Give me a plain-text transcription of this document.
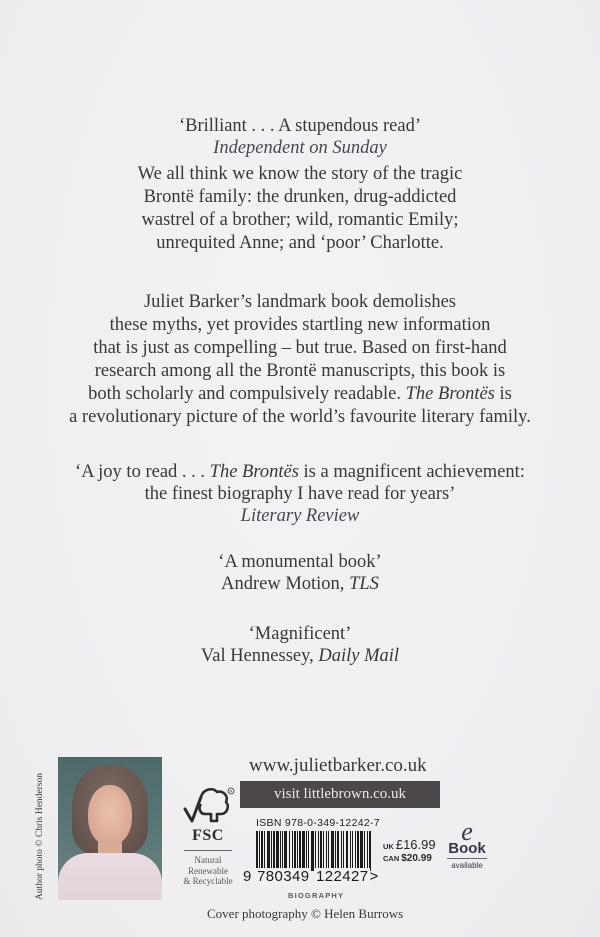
‘Brilliant . . . A stupendous read’
Independent on Sunday
We all think we know the story of the tragic
Brontë family: the drunken, drug-addicted
wastrel of a brother; wild, romantic Emily;
unrequited Anne; and ‘poor’ Charlotte.
Juliet Barker’s landmark book demolishes
these myths, yet provides startling new information
that is just as compelling – but true. Based on first-hand
research among all the Brontë manuscripts, this book is
both scholarly and compulsively readable. The Brontës is
a revolutionary picture of the world’s favourite literary family.
‘A joy to read . . . The Brontës is a magnificent achievement:
the finest biography I have read for years’
Literary Review
‘A monumental book’
Andrew Motion, TLS
‘Magnificent’
Val Hennessey, Daily Mail
Author photo © Chris Henderson	R
FSC
Natural
Renewable
& Recyclable
www.julietbarker.co.uk
visit littlebrown.co.uk
ISBN 978-0-349-12242-7
9 780349 122427>
BIOGRAPHY
UK £16.99
CAN $20.99
e
Book
available
Cover photography © Helen Burrows
